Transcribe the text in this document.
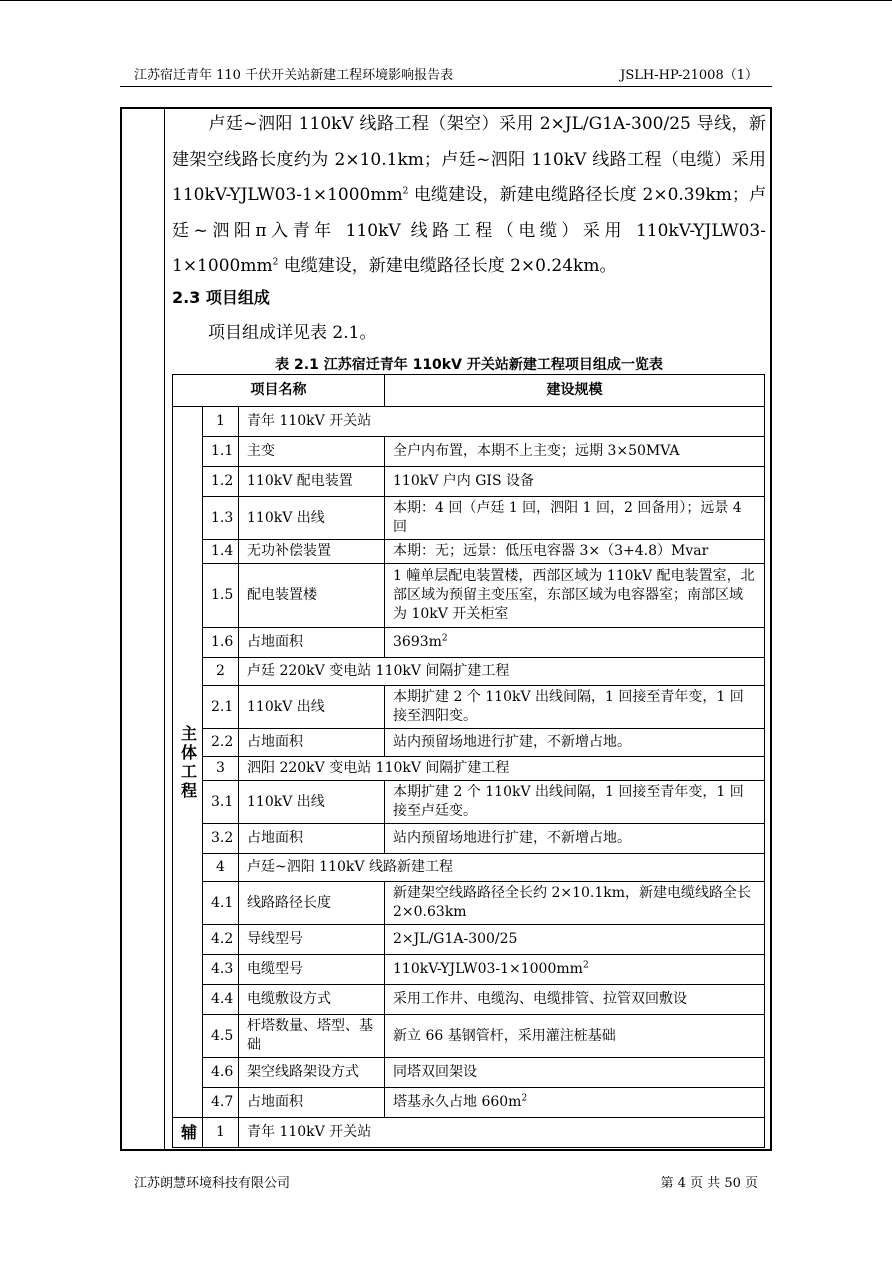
江苏宿迁青年 110 千伏开关站新建工程环境影响报告表	JSLH-HP-21008（1）

卢廷~泗阳 110kV 线路工程（架空）采用 2×JL/G1A-300/25 导线，新建架空线路长度约为 2×10.1km；卢廷~泗阳 110kV 线路工程（电缆）采用 $110kV-YJLW03-1\times 1000mm^2$ 电缆建设，新建电缆路径长度 2×0.39km；卢廷~泗阳π入青年 110kV 线路工程（电缆）采用 $110kV-YJLW03-1\times 1000mm^2$ 电缆建设，新建电缆路径长度 2×0.24km。

2.3 项目组成

项目组成详见表 2.1。
表 2.1 江苏宿迁青年 110kV 开关站新建工程项目组成一览表
项目名称			建设规模
主
体
工
程	1	青年 110kV 开关站	
	1.1	主变	全户内布置，本期不上主变；远期 3×50MVA
	1.2	110kV 配电装置	110kV 户内 GIS 设备
	1.3	110kV 出线	本期：4 回（卢廷 1 回，泗阳 1 回，2 回备用）；远景 4 回
	1.4	无功补偿装置	本期：无；远景：低压电容器 3×（3+4.8）Mvar
	1.5	配电装置楼	1 幢单层配电装置楼，西部区域为 110kV 配电装置室，北部区域为预留主变压室，东部区域为电容器室；南部区域为 10kV 开关柜室
	1.6	占地面积	$3693m^2$
	2	卢廷 220kV 变电站 110kV 间隔扩建工程	
	2.1	110kV 出线	本期扩建 2 个 110kV 出线间隔，1 回接至青年变，1 回接至泗阳变。
	2.2	占地面积	站内预留场地进行扩建，不新增占地。
	3	泗阳 220kV 变电站 110kV 间隔扩建工程	
	3.1	110kV 出线	本期扩建 2 个 110kV 出线间隔，1 回接至青年变，1 回接至卢廷变。
	3.2	占地面积	站内预留场地进行扩建，不新增占地。
	4	卢廷~泗阳 110kV 线路新建工程	
	4.1	线路路径长度	新建架空线路路径全长约 2×10.1km，新建电缆线路全长 2×0.63km
	4.2	导线型号	2×JL/G1A-300/25
	4.3	电缆型号	$110kV-YJLW03-1\times 1000mm^2$
	4.4	电缆敷设方式	采用工作井、电缆沟、电缆排管、拉管双回敷设
	4.5	杆塔数量、塔型、基础	新立 66 基钢管杆，采用灌注桩基础
	4.6	架空线路架设方式	同塔双回架设
	4.7	占地面积	塔基永久占地 $660m^2$
辅	1	青年 110kV 开关站	
江苏朗慧环境科技有限公司	第 4 页 共 50 页
